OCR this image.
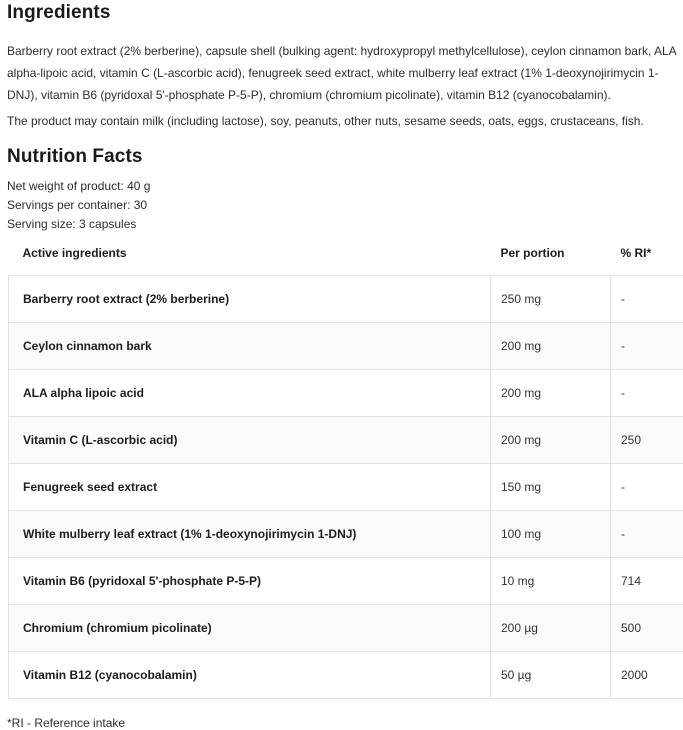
Ingredients

Barberry root extract (2% berberine), capsule shell (bulking agent: hydroxypropyl methylcellulose), ceylon cinnamon bark, ALA alpha-lipoic acid, vitamin C (L-ascorbic acid), fenugreek seed extract, white mulberry leaf extract (1% 1-deoxynojirimycin 1-DNJ), vitamin B6 (pyridoxal 5'-phosphate P-5-P), chromium (chromium picolinate), vitamin B12 (cyanocobalamin).

The product may contain milk (including lactose), soy, peanuts, other nuts, sesame seeds, oats, eggs, crustaceans, fish.

Nutrition Facts

Net weight of product: 40 g

Servings per container: 30

Serving size: 3 capsules

Active ingredients	Per portion	% RI*
Barberry root extract (2% berberine)	250 mg	-
Ceylon cinnamon bark	200 mg	-
ALA alpha lipoic acid	200 mg	-
Vitamin C (L-ascorbic acid)	200 mg	250
Fenugreek seed extract	150 mg	-
White mulberry leaf extract (1% 1-deoxynojirimycin 1-DNJ)	100 mg	-
Vitamin B6 (pyridoxal 5'-phosphate P-5-P)	10 mg	714
Chromium (chromium picolinate)	200 µg	500
Vitamin B12 (cyanocobalamin)	50 µg	2000

*RI - Reference intake
